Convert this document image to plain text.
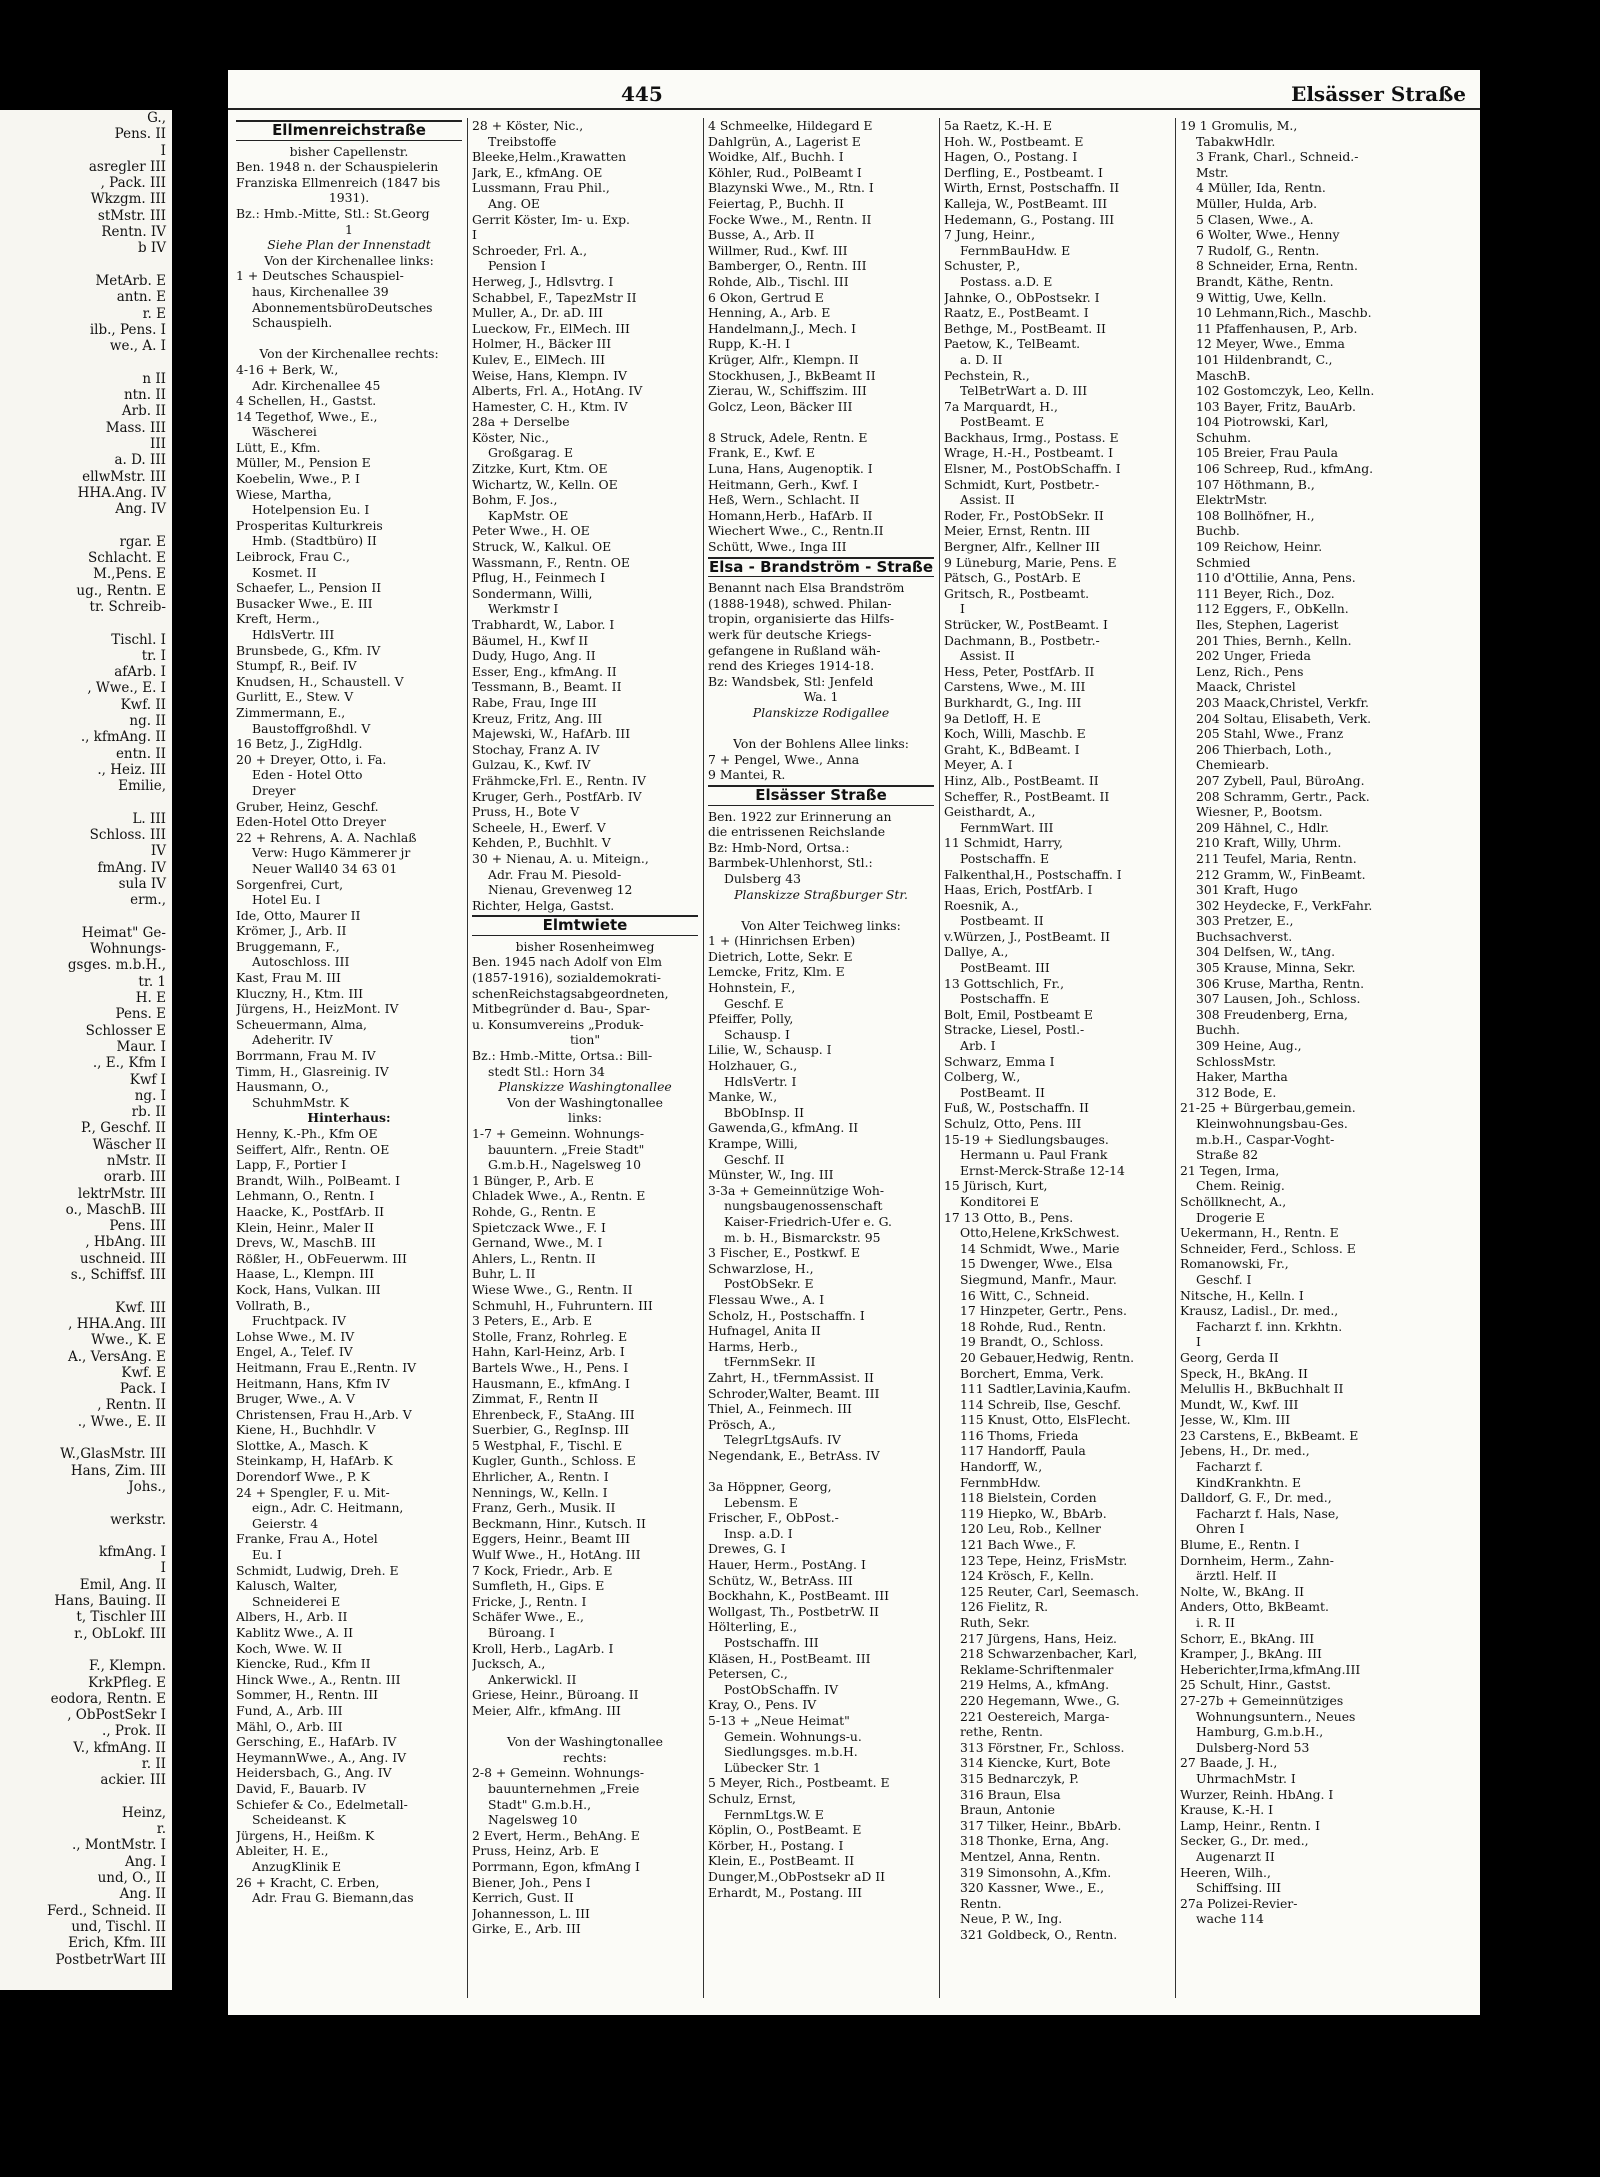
G.,
Pens. II
I
asregler III
, Pack. III
Wkzgm. III
stMstr. III
Rentn. IV
b IV

MetArb. E
antn. E
r. E
ilb., Pens. I
we., A. I

n II
ntn. II
Arb. II
Mass. III
III
a. D. III
ellwMstr. III
HHA.Ang. IV
Ang. IV

rgar. E
Schlacht. E
M.,Pens. E
ug., Rentn. E
tr. Schreib-

Tischl. I
tr. I
afArb. I
, Wwe., E. I
Kwf. II
ng. II
., kfmAng. II
entn. II
., Heiz. III
Emilie,

L. III
Schloss. III
IV
fmAng. IV
sula IV
erm.,

Heimat" Ge-
Wohnungs-
gsges. m.b.H.,
tr. 1
H. E
Pens. E
Schlosser E
Maur. I
., E., Kfm I
Kwf I
ng. I
rb. II
P., Geschf. II
Wäscher II
nMstr. II
orarb. III
lektrMstr. III
o., MaschB. III
Pens. III
, HbAng. III
uschneid. III
s., Schiffsf. III

Kwf. III
, HHA.Ang. III
Wwe., K. E
A., VersAng. E
Kwf. E
Pack. I
, Rentn. II
., Wwe., E. II

W.,GlasMstr. III
Hans, Zim. III
Johs.,

werkstr.

kfmAng. I
I
Emil, Ang. II
Hans, Bauing. II
t, Tischler III
r., ObLokf. III

F., Klempn.
KrkPfleg. E
eodora, Rentn. E
, ObPostSekr I
., Prok. II
V., kfmAng. II
r. II
ackier. III

Heinz,
r.
., MontMstr. I
Ang. I
und, O., II
Ang. II
Ferd., Schneid. II
und, Tischl. II
Erich, Kfm. III
PostbetrWart III
445	Elsässer Straße
Ellmenreichstraße
bisher Capellenstr.
Ben. 1948 n. der Schauspielerin
Franziska Ellmenreich (1847 bis
1931).
Bz.: Hmb.-Mitte, Stl.: St.Georg
1
Siehe Plan der Innenstadt
Von der Kirchenallee links:
1 + Deutsches Schauspiel-
haus, Kirchenallee 39
AbonnementsbüroDeutsches
Schauspielh.

Von der Kirchenallee rechts:
4-16 + Berk, W.,
Adr. Kirchenallee 45
4 Schellen, H., Gastst.
14 Tegethof, Wwe., E.,
Wäscherei
Lütt, E., Kfm.
Müller, M., Pension E
Koebelin, Wwe., P. I
Wiese, Martha,
Hotelpension Eu. I
Prosperitas Kulturkreis
Hmb. (Stadtbüro) II
Leibrock, Frau C.,
Kosmet. II
Schaefer, L., Pension II
Busacker Wwe., E. III
Kreft, Herm.,
HdlsVertr. III
Brunsbede, G., Kfm. IV
Stumpf, R., Beif. IV
Knudsen, H., Schaustell. V
Gurlitt, E., Stew. V
Zimmermann, E.,
Baustoffgroßhdl. V
16 Betz, J., ZigHdlg.
20 + Dreyer, Otto, i. Fa.
Eden - Hotel Otto
Dreyer
Gruber, Heinz, Geschf.
Eden-Hotel Otto Dreyer
22 + Rehrens, A. A. Nachlaß
Verw: Hugo Kämmerer jr
Neuer Wall40 34 63 01
Sorgenfrei, Curt,
Hotel Eu. I
Ide, Otto, Maurer II
Krömer, J., Arb. II
Bruggemann, F.,
Autoschloss. III
Kast, Frau M. III
Kluczny, H., Ktm. III
Jürgens, H., HeizMont. IV
Scheuermann, Alma,
Adeheritr. IV
Borrmann, Frau M. IV
Timm, H., Glasreinig. IV
Hausmann, O.,
SchuhmMstr. K
Hinterhaus:
Henny, K.-Ph., Kfm OE
Seiffert, Alfr., Rentn. OE
Lapp, F., Portier I
Brandt, Wilh., PolBeamt. I
Lehmann, O., Rentn. I
Haacke, K., PostfArb. II
Klein, Heinr., Maler II
Drevs, W., MaschB. III
Rößler, H., ObFeuerwm. III
Haase, L., Klempn. III
Kock, Hans, Vulkan. III
Vollrath, B.,
Fruchtpack. IV
Lohse Wwe., M. IV
Engel, A., Telef. IV
Heitmann, Frau E.,Rentn. IV
Heitmann, Hans, Kfm IV
Bruger, Wwe., A. V
Christensen, Frau H.,Arb. V
Kiene, H., Buchhdlr. V
Slottke, A., Masch. K
Steinkamp, H, HafArb. K
Dorendorf Wwe., P. K
24 + Spengler, F. u. Mit-
eign., Adr. C. Heitmann,
Geierstr. 4
Franke, Frau A., Hotel
Eu. I
Schmidt, Ludwig, Dreh. E
Kalusch, Walter,
Schneiderei E
Albers, H., Arb. II
Kablitz Wwe., A. II
Koch, Wwe. W. II
Kiencke, Rud., Kfm II
Hinck Wwe., A., Rentn. III
Sommer, H., Rentn. III
Fund, A., Arb. III
Mähl, O., Arb. III
Gersching, E., HafArb. IV
HeymannWwe., A., Ang. IV
Heidersbach, G., Ang. IV
David, F., Bauarb. IV
Schiefer & Co., Edelmetall-
Scheideanst. K
Jürgens, H., Heißm. K
Ableiter, H. E.,
AnzugKlinik E
26 + Kracht, C. Erben,
Adr. Frau G. Biemann,das
28 + Köster, Nic.,
Treibstoffe
Bleeke,Helm.,Krawatten
Jark, E., kfmAng. OE
Lussmann, Frau Phil.,
Ang. OE
Gerrit Köster, Im- u. Exp.
I
Schroeder, Frl. A.,
Pension I
Herweg, J., Hdlsvtrg. I
Schabbel, F., TapezMstr II
Muller, A., Dr. aD. III
Lueckow, Fr., ElMech. III
Holmer, H., Bäcker III
Kulev, E., ElMech. III
Weise, Hans, Klempn. IV
Alberts, Frl. A., HotAng. IV
Hamester, C. H., Ktm. IV
28a + Derselbe
Köster, Nic.,
Großgarag. E
Zitzke, Kurt, Ktm. OE
Wichartz, W., Kelln. OE
Bohm, F. Jos.,
KapMstr. OE
Peter Wwe., H. OE
Struck, W., Kalkul. OE
Wassmann, F., Rentn. OE
Pflug, H., Feinmech I
Sondermann, Willi,
Werkmstr I
Trabhardt, W., Labor. I
Bäumel, H., Kwf II
Dudy, Hugo, Ang. II
Esser, Eng., kfmAng. II
Tessmann, B., Beamt. II
Rabe, Frau, Inge III
Kreuz, Fritz, Ang. III
Majewski, W., HafArb. III
Stochay, Franz A. IV
Gulzau, K., Kwf. IV
Frähmcke,Frl. E., Rentn. IV
Kruger, Gerh., PostfArb. IV
Pruss, H., Bote V
Scheele, H., Ewerf. V
Kehden, P., Buchhlt. V
30 + Nienau, A. u. Miteign.,
Adr. Frau M. Piesold-
Nienau, Grevenweg 12
Richter, Helga, Gastst.
Elmtwiete
bisher Rosenheimweg
Ben. 1945 nach Adolf von Elm
(1857-1916), sozialdemokrati-
schenReichstagsabgeordneten,
Mitbegründer d. Bau-, Spar-
u. Konsumvereins „Produk-
tion"
Bz.: Hmb.-Mitte, Ortsa.: Bill-
stedt Stl.: Horn 34
Planskizze Washingtonallee
Von der Washingtonallee
links:
1-7 + Gemeinn. Wohnungs-
bauuntern. „Freie Stadt"
G.m.b.H., Nagelsweg 10
1 Bünger, P., Arb. E
Chladek Wwe., A., Rentn. E
Rohde, G., Rentn. E
Spietczack Wwe., F. I
Gernand, Wwe., M. I
Ahlers, L., Rentn. II
Buhr, L. II
Wiese Wwe., G., Rentn. II
Schmuhl, H., Fuhruntern. III
3 Peters, E., Arb. E
Stolle, Franz, Rohrleg. E
Hahn, Karl-Heinz, Arb. I
Bartels Wwe., H., Pens. I
Hausmann, E., kfmAng. I
Zimmat, F., Rentn II
Ehrenbeck, F., StaAng. III
Suerbier, G., RegInsp. III
5 Westphal, F., Tischl. E
Kugler, Gunth., Schloss. E
Ehrlicher, A., Rentn. I
Nennings, W., Kelln. I
Franz, Gerh., Musik. II
Beckmann, Hinr., Kutsch. II
Eggers, Heinr., Beamt III
Wulf Wwe., H., HotAng. III
7 Kock, Friedr., Arb. E
Sumfleth, H., Gips. E
Fricke, J., Rentn. I
Schäfer Wwe., E.,
Büroang. I
Kroll, Herb., LagArb. I
Jucksch, A.,
Ankerwickl. II
Griese, Heinr., Büroang. II
Meier, Alfr., kfmAng. III

Von der Washingtonallee
rechts:
2-8 + Gemeinn. Wohnungs-
bauunternehmen „Freie
Stadt" G.m.b.H.,
Nagelsweg 10
2 Evert, Herm., BehAng. E
Pruss, Heinz, Arb. E
Porrmann, Egon, kfmAng I
Biener, Joh., Pens I
Kerrich, Gust. II
Johannesson, L. III
Girke, E., Arb. III
4 Schmeelke, Hildegard E
Dahlgrün, A., Lagerist E
Woidke, Alf., Buchh. I
Köhler, Rud., PolBeamt I
Blazynski Wwe., M., Rtn. I
Feiertag, P., Buchh. II
Focke Wwe., M., Rentn. II
Busse, A., Arb. II
Willmer, Rud., Kwf. III
Bamberger, O., Rentn. III
Rohde, Alb., Tischl. III
6 Okon, Gertrud E
Henning, A., Arb. E
Handelmann,J., Mech. I
Rupp, K.-H. I
Krüger, Alfr., Klempn. II
Stockhusen, J., BkBeamt II
Zierau, W., Schiffszim. III
Golcz, Leon, Bäcker III

8 Struck, Adele, Rentn. E
Frank, E., Kwf. E
Luna, Hans, Augenoptik. I
Heitmann, Gerh., Kwf. I
Heß, Wern., Schlacht. II
Homann,Herb., HafArb. II
Wiechert Wwe., C., Rentn.II
Schütt, Wwe., Inga III
Elsa - Brandström - Straße
Benannt nach Elsa Brandström
(1888-1948), schwed. Philan-
tropin, organisierte das Hilfs-
werk für deutsche Kriegs-
gefangene in Rußland wäh-
rend des Krieges 1914-18.
Bz: Wandsbek, Stl: Jenfeld
Wa. 1
Planskizze Rodigallee

Von der Bohlens Allee links:
7 + Pengel, Wwe., Anna
9 Mantei, R.
Elsässer Straße
Ben. 1922 zur Erinnerung an
die entrissenen Reichslande
Bz: Hmb-Nord, Ortsa.:
Barmbek-Uhlenhorst, Stl.:
Dulsberg 43
Planskizze Straßburger Str.

Von Alter Teichweg links:
1 + (Hinrichsen Erben)
Dietrich, Lotte, Sekr. E
Lemcke, Fritz, Klm. E
Hohnstein, F.,
Geschf. E
Pfeiffer, Polly,
Schausp. I
Lilie, W., Schausp. I
Holzhauer, G.,
HdlsVertr. I
Manke, W.,
BbObInsp. II
Gawenda,G., kfmAng. II
Krampe, Willi,
Geschf. II
Münster, W., Ing. III
3-3a + Gemeinnützige Woh-
nungsbaugenossenschaft
Kaiser-Friedrich-Ufer e. G.
m. b. H., Bismarckstr. 95
3 Fischer, E., Postkwf. E
Schwarzlose, H.,
PostObSekr. E
Flessau Wwe., A. I
Scholz, H., Postschaffn. I
Hufnagel, Anita II
Harms, Herb.,
tFernmSekr. II
Zahrt, H., tFernmAssist. II
Schroder,Walter, Beamt. III
Thiel, A., Feinmech. III
Prösch, A.,
TelegrLtgsAufs. IV
Negendank, E., BetrAss. IV

3a Höppner, Georg,
Lebensm. E
Frischer, F., ObPost.-
Insp. a.D. I
Drewes, G. I
Hauer, Herm., PostAng. I
Schütz, W., BetrAss. III
Bockhahn, K., PostBeamt. III
Wollgast, Th., PostbetrW. II
Hölterling, E.,
Postschaffn. III
Kläsen, H., PostBeamt. III
Petersen, C.,
PostObSchaffn. IV
Kray, O., Pens. IV
5-13 + „Neue Heimat"
Gemein. Wohnungs-u.
Siedlungsges. m.b.H.
Lübecker Str. 1
5 Meyer, Rich., Postbeamt. E
Schulz, Ernst,
FernmLtgs.W. E
Köplin, O., PostBeamt. E
Körber, H., Postang. I
Klein, E., PostBeamt. II
Dunger,M.,ObPostsekr aD II
Erhardt, M., Postang. III
5a Raetz, K.-H. E
Hoh. W., Postbeamt. E
Hagen, O., Postang. I
Derfling, E., Postbeamt. I
Wirth, Ernst, Postschaffn. II
Kalleja, W., PostBeamt. III
Hedemann, G., Postang. III
7 Jung, Heinr.,
FernmBauHdw. E
Schuster, P.,
Postass. a.D. E
Jahnke, O., ObPostsekr. I
Raatz, E., PostBeamt. I
Bethge, M., PostBeamt. II
Paetow, K., TelBeamt.
a. D. II
Pechstein, R.,
TelBetrWart a. D. III
7a Marquardt, H.,
PostBeamt. E
Backhaus, Irmg., Postass. E
Wrage, H.-H., Postbeamt. I
Elsner, M., PostObSchaffn. I
Schmidt, Kurt, Postbetr.-
Assist. II
Roder, Fr., PostObSekr. II
Meier, Ernst, Rentn. III
Bergner, Alfr., Kellner III
9 Lüneburg, Marie, Pens. E
Pätsch, G., PostArb. E
Gritsch, R., Postbeamt.
I
Strücker, W., PostBeamt. I
Dachmann, B., Postbetr.-
Assist. II
Hess, Peter, PostfArb. II
Carstens, Wwe., M. III
Burkhardt, G., Ing. III
9a Detloff, H. E
Koch, Willi, Maschb. E
Graht, K., BdBeamt. I
Meyer, A. I
Hinz, Alb., PostBeamt. II
Scheffer, R., PostBeamt. II
Geisthardt, A.,
FernmWart. III
11 Schmidt, Harry,
Postschaffn. E
Falkenthal,H., Postschaffn. I
Haas, Erich, PostfArb. I
Roesnik, A.,
Postbeamt. II
v.Würzen, J., PostBeamt. II
Dallye, A.,
PostBeamt. III
13 Gottschlich, Fr.,
Postschaffn. E
Bolt, Emil, Postbeamt E
Stracke, Liesel, Postl.-
Arb. I
Schwarz, Emma I
Colberg, W.,
PostBeamt. II
Fuß, W., Postschaffn. II
Schulz, Otto, Pens. III
15-19 + Siedlungsbauges.
Hermann u. Paul Frank
Ernst-Merck-Straße 12-14
15 Jürisch, Kurt,
Konditorei E
17 13 Otto, B., Pens.
Otto,Helene,KrkSchwest.
14 Schmidt, Wwe., Marie
15 Dwenger, Wwe., Elsa
Siegmund, Manfr., Maur.
16 Witt, C., Schneid.
17 Hinzpeter, Gertr., Pens.
18 Rohde, Rud., Rentn.
19 Brandt, O., Schloss.
20 Gebauer,Hedwig, Rentn.
Borchert, Emma, Verk.
111 Sadtler,Lavinia,Kaufm.
114 Schreib, Ilse, Geschf.
115 Knust, Otto, ElsFlecht.
116 Thoms, Frieda
117 Handorff, Paula
Handorff, W.,
FernmbHdw.
118 Bielstein, Corden
119 Hiepko, W., BbArb.
120 Leu, Rob., Kellner
121 Bach Wwe., F.
123 Tepe, Heinz, FrisMstr.
124 Krösch, F., Kelln.
125 Reuter, Carl, Seemasch.
126 Fielitz, R.
Ruth, Sekr.
217 Jürgens, Hans, Heiz.
218 Schwarzenbacher, Karl,
Reklame-Schriftenmaler
219 Helms, A., kfmAng.
220 Hegemann, Wwe., G.
221 Oestereich, Marga-
rethe, Rentn.
313 Förstner, Fr., Schloss.
314 Kiencke, Kurt, Bote
315 Bednarczyk, P.
316 Braun, Elsa
Braun, Antonie
317 Tilker, Heinr., BbArb.
318 Thonke, Erna, Ang.
Mentzel, Anna, Rentn.
319 Simonsohn, A.,Kfm.
320 Kassner, Wwe., E.,
Rentn.
Neue, P. W., Ing.
321 Goldbeck, O., Rentn.
19 1 Gromulis, M.,
TabakwHdlr.
3 Frank, Charl., Schneid.-
Mstr.
4 Müller, Ida, Rentn.
Müller, Hulda, Arb.
5 Clasen, Wwe., A.
6 Wolter, Wwe., Henny
7 Rudolf, G., Rentn.
8 Schneider, Erna, Rentn.
Brandt, Käthe, Rentn.
9 Wittig, Uwe, Kelln.
10 Lehmann,Rich., Maschb.
11 Pfaffenhausen, P., Arb.
12 Meyer, Wwe., Emma
101 Hildenbrandt, C.,
MaschB.
102 Gostomczyk, Leo, Kelln.
103 Bayer, Fritz, BauArb.
104 Piotrowski, Karl,
Schuhm.
105 Breier, Frau Paula
106 Schreep, Rud., kfmAng.
107 Höthmann, B.,
ElektrMstr.
108 Bollhöfner, H.,
Buchb.
109 Reichow, Heinr.
Schmied
110 d'Ottilie, Anna, Pens.
111 Beyer, Rich., Doz.
112 Eggers, F., ObKelln.
Iles, Stephen, Lagerist
201 Thies, Bernh., Kelln.
202 Unger, Frieda
Lenz, Rich., Pens
Maack, Christel
203 Maack,Christel, Verkfr.
204 Soltau, Elisabeth, Verk.
205 Stahl, Wwe., Franz
206 Thierbach, Loth.,
Chemiearb.
207 Zybell, Paul, BüroAng.
208 Schramm, Gertr., Pack.
Wiesner, P., Bootsm.
209 Hähnel, C., Hdlr.
210 Kraft, Willy, Uhrm.
211 Teufel, Maria, Rentn.
212 Gramm, W., FinBeamt.
301 Kraft, Hugo
302 Heydecke, F., VerkFahr.
303 Pretzer, E.,
Buchsachverst.
304 Delfsen, W., tAng.
305 Krause, Minna, Sekr.
306 Kruse, Martha, Rentn.
307 Lausen, Joh., Schloss.
308 Freudenberg, Erna,
Buchh.
309 Heine, Aug.,
SchlossMstr.
Haker, Martha
312 Bode, E.
21-25 + Bürgerbau,gemein.
Kleinwohnungsbau-Ges.
m.b.H., Caspar-Voght-
Straße 82
21 Tegen, Irma,
Chem. Reinig.
Schöllknecht, A.,
Drogerie E
Uekermann, H., Rentn. E
Schneider, Ferd., Schloss. E
Romanowski, Fr.,
Geschf. I
Nitsche, H., Kelln. I
Krausz, Ladisl., Dr. med.,
Facharzt f. inn. Krkhtn.
I
Georg, Gerda II
Speck, H., BkAng. II
Melullis H., BkBuchhalt II
Mundt, W., Kwf. III
Jesse, W., Klm. III
23 Carstens, E., BkBeamt. E
Jebens, H., Dr. med.,
Facharzt f.
KindKrankhtn. E
Dalldorf, G. F., Dr. med.,
Facharzt f. Hals, Nase,
Ohren I
Blume, E., Rentn. I
Dornheim, Herm., Zahn-
ärztl. Helf. II
Nolte, W., BkAng. II
Anders, Otto, BkBeamt.
i. R. II
Schorr, E., BkAng. III
Kramper, J., BkAng. III
Heberichter,Irma,kfmAng.III
25 Schult, Hinr., Gastst.
27-27b + Gemeinnütziges
Wohnungsuntern., Neues
Hamburg, G.m.b.H.,
Dulsberg-Nord 53
27 Baade, J. H.,
UhrmachMstr. I
Wurzer, Reinh. HbAng. I
Krause, K.-H. I
Lamp, Heinr., Rentn. I
Secker, G., Dr. med.,
Augenarzt II
Heeren, Wilh.,
Schiffsing. III
27a Polizei-Revier-
wache 114
